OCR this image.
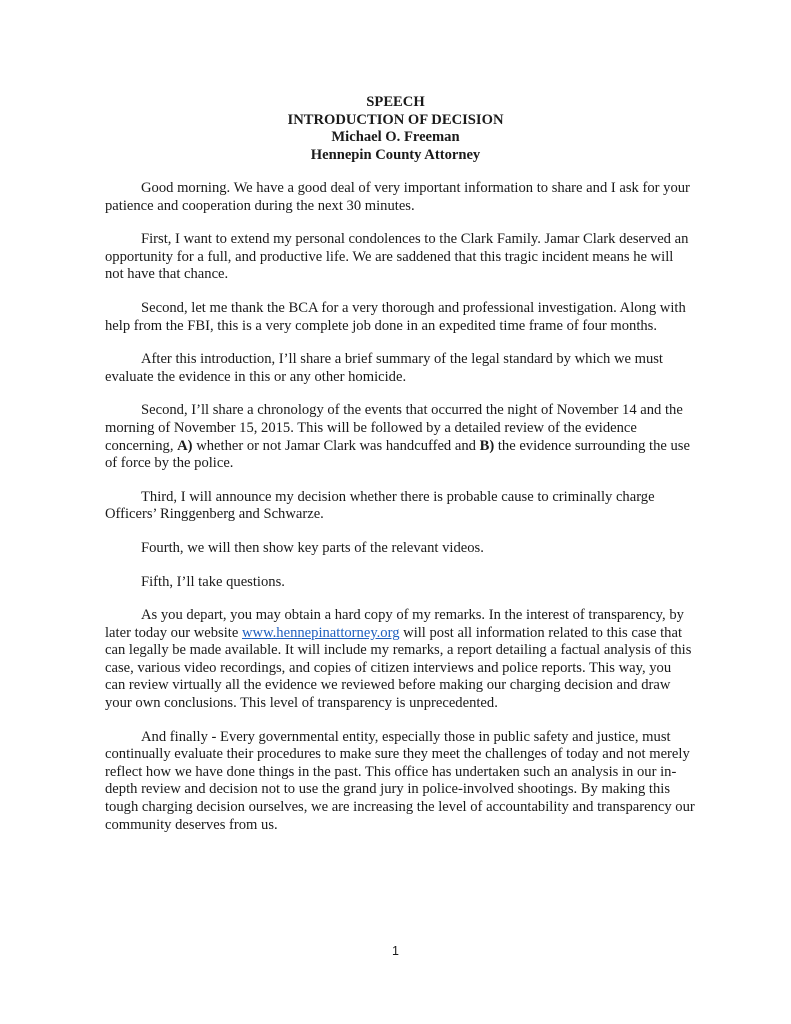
SPEECH
INTRODUCTION OF DECISION
Michael O. Freeman
Hennepin County Attorney

Good morning. We have a good deal of very important information to share and I ask for your patience and cooperation during the next 30 minutes.

First, I want to extend my personal condolences to the Clark Family. Jamar Clark deserved an opportunity for a full, and productive life. We are saddened that this tragic incident means he will not have that chance.

Second, let me thank the BCA for a very thorough and professional investigation. Along with help from the FBI, this is a very complete job done in an expedited time frame of four months.

After this introduction, I’ll share a brief summary of the legal standard by which we must evaluate the evidence in this or any other homicide.

Second, I’ll share a chronology of the events that occurred the night of November 14 and the morning of November 15, 2015. This will be followed by a detailed review of the evidence concerning, A) whether or not Jamar Clark was handcuffed and B) the evidence surrounding the use of force by the police.

Third, I will announce my decision whether there is probable cause to criminally charge Officers’ Ringgenberg and Schwarze.

Fourth, we will then show key parts of the relevant videos.

Fifth, I’ll take questions.

As you depart, you may obtain a hard copy of my remarks. In the interest of transparency, by later today our website www.hennepinattorney.org will post all information related to this case that can legally be made available. It will include my remarks, a report detailing a factual analysis of this case, various video recordings, and copies of citizen interviews and police reports. This way, you can review virtually all the evidence we reviewed before making our charging decision and draw your own conclusions. This level of transparency is unprecedented.

And finally - Every governmental entity, especially those in public safety and justice, must continually evaluate their procedures to make sure they meet the challenges of today and not merely reflect how we have done things in the past. This office has undertaken such an analysis in our in-depth review and decision not to use the grand jury in police-involved shootings. By making this tough charging decision ourselves, we are increasing the level of accountability and transparency our community deserves from us.

1
